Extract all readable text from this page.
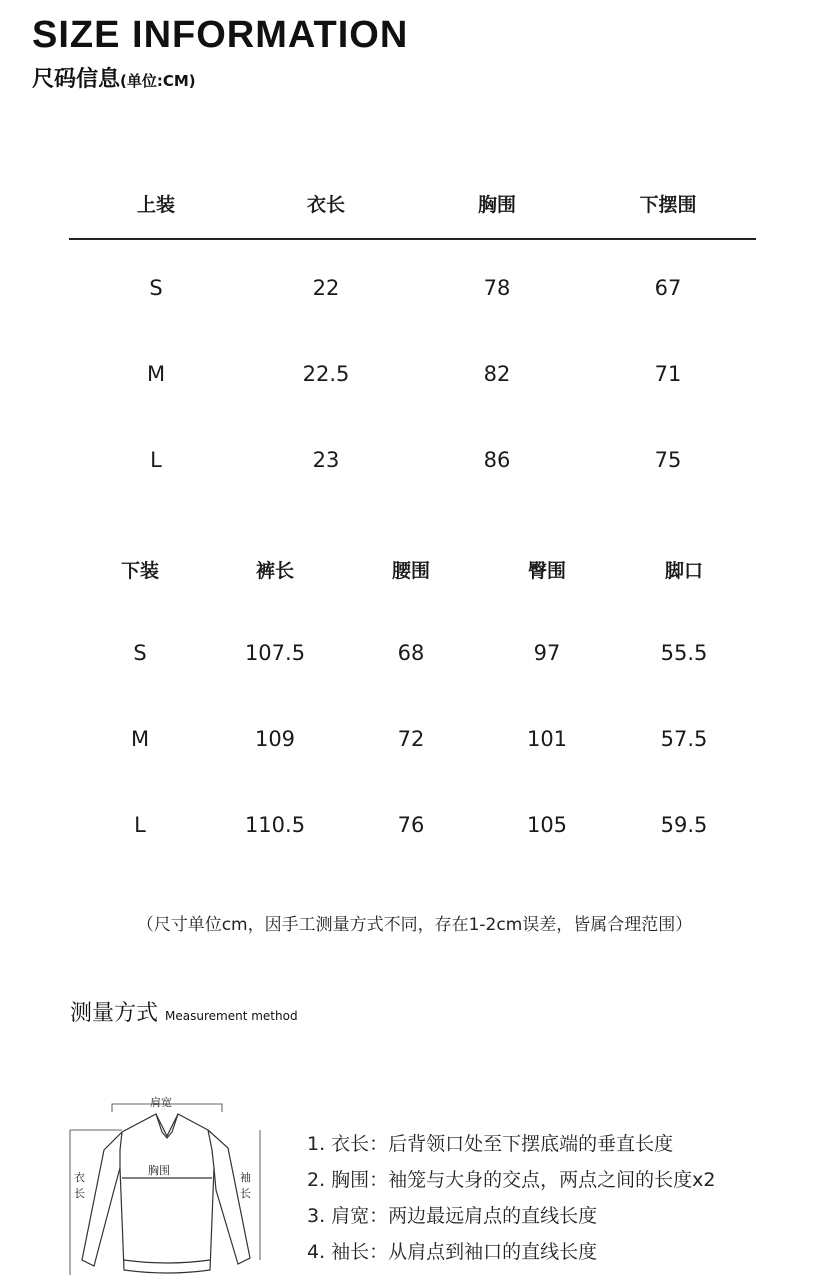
SIZE INFORMATION
尺码信息(单位:CM)
上装	衣长	胸围	下摆围
S	22	78	67
M	22.5	82	71
L	23	86	75
下装	裤长	腰围	臀围	脚口
S	107.5	68	97	55.5
M	109	72	101	57.5
L	110.5	76	105	59.5
（尺寸单位cm，因手工测量方式不同，存在1-2cm误差，皆属合理范围）
测量方式 Measurement method
肩宽
胸围
衣
长
袖
长
1. 衣长：后背领口处至下摆底端的垂直长度
2. 胸围：袖笼与大身的交点，两点之间的长度x2
3. 肩宽：两边最远肩点的直线长度
4. 袖长：从肩点到袖口的直线长度
